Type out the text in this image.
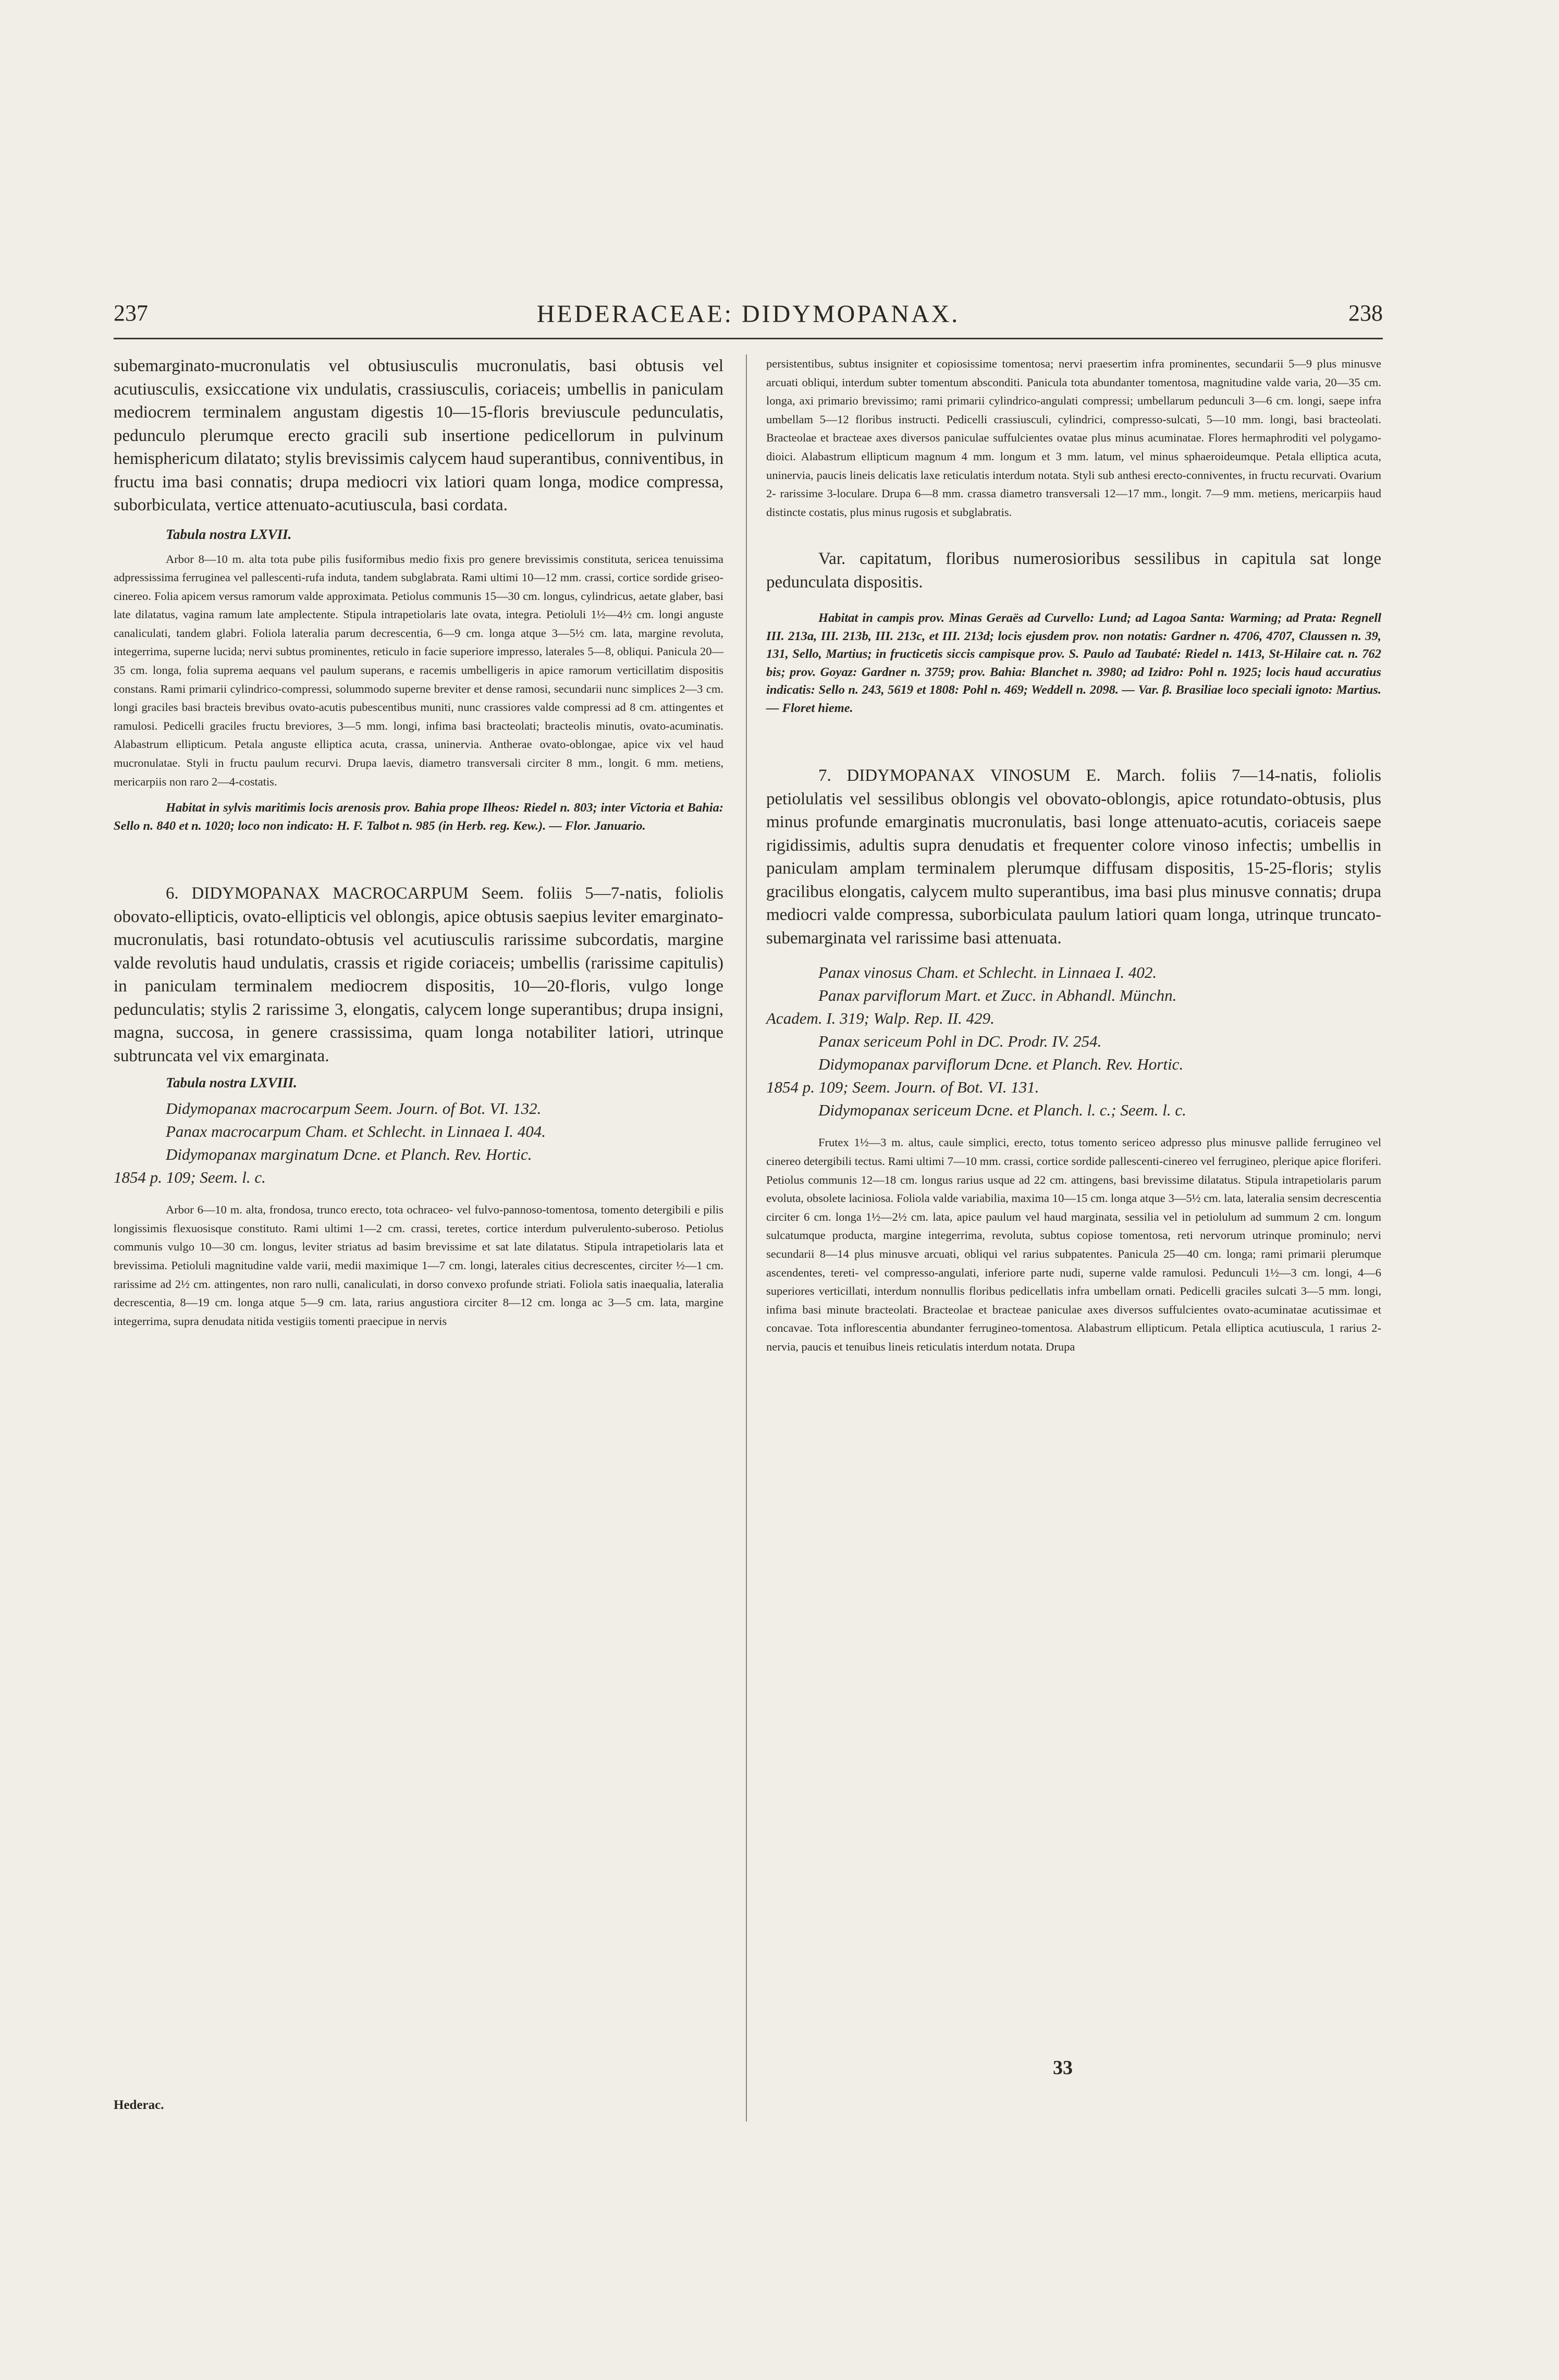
237	HEDERACEAE: DIDYMOPANAX.	238

subemarginato-mucronulatis vel obtusiusculis mucronulatis, basi obtusis vel acutiusculis, exsiccatione vix undulatis, crassiusculis, coriaceis; umbellis in paniculam mediocrem terminalem angustam digestis 10—15-floris breviuscule pedunculatis, pedunculo plerumque erecto gracili sub insertione pedicellorum in pulvinum hemisphericum dilatato; stylis brevissimis calycem haud superantibus, conniventibus, in fructu ima basi connatis; drupa mediocri vix latiori quam longa, modice compressa, suborbiculata, vertice attenuato-acutiuscula, basi cordata.

Tabula nostra LXVII.

Arbor 8—10 m. alta tota pube pilis fusiformibus medio fixis pro genere brevissimis constituta, sericea tenuissima adpressissima ferruginea vel pallescenti-rufa induta, tandem subglabrata. Rami ultimi 10—12 mm. crassi, cortice sordide griseo-cinereo. Folia apicem versus ramorum valde approximata. Petiolus communis 15—30 cm. longus, cylindricus, aetate glaber, basi late dilatatus, vagina ramum late amplectente. Stipula intrapetiolaris late ovata, integra. Petioluli 1½—4½ cm. longi anguste canaliculati, tandem glabri. Foliola lateralia parum decrescentia, 6—9 cm. longa atque 3—5½ cm. lata, margine revoluta, integerrima, superne lucida; nervi subtus prominentes, reticulo in facie superiore impresso, laterales 5—8, obliqui. Panicula 20—35 cm. longa, folia suprema aequans vel paulum superans, e racemis umbelligeris in apice ramorum verticillatim dispositis constans. Rami primarii cylindrico-compressi, solummodo superne breviter et dense ramosi, secundarii nunc simplices 2—3 cm. longi graciles basi bracteis brevibus ovato-acutis pubescentibus muniti, nunc crassiores valde compressi ad 8 cm. attingentes et ramulosi. Pedicelli graciles fructu breviores, 3—5 mm. longi, infima basi bracteolati; bracteolis minutis, ovato-acuminatis. Alabastrum ellipticum. Petala anguste elliptica acuta, crassa, uninervia. Antherae ovato-oblongae, apice vix vel haud mucronulatae. Styli in fructu paulum recurvi. Drupa laevis, diametro transversali circiter 8 mm., longit. 6 mm. metiens, mericarpiis non raro 2—4-costatis.

Habitat in sylvis maritimis locis arenosis prov. Bahia prope Ilheos: Riedel n. 803; inter Victoria et Bahia: Sello n. 840 et n. 1020; loco non indicato: H. F. Talbot n. 985 (in Herb. reg. Kew.). — Flor. Januario.

6. DIDYMOPANAX MACROCARPUM Seem. foliis 5—7-natis, foliolis obovato-ellipticis, ovato-ellipticis vel oblongis, apice obtusis saepius leviter emarginato-mucronulatis, basi rotundato-obtusis vel acutiusculis rarissime subcordatis, margine valde revolutis haud undulatis, crassis et rigide coriaceis; umbellis (rarissime capitulis) in paniculam terminalem mediocrem dispositis, 10—20-floris, vulgo longe pedunculatis; stylis 2 rarissime 3, elongatis, calycem longe superantibus; drupa insigni, magna, succosa, in genere crassissima, quam longa notabiliter latiori, utrinque subtruncata vel vix emarginata.

Tabula nostra LXVIII.

Didymopanax macrocarpum Seem. Journ. of Bot. VI. 132.

Panax macrocarpum Cham. et Schlecht. in Linnaea I. 404.

Didymopanax marginatum Dcne. et Planch. Rev. Hortic.

1854 p. 109; Seem. l. c.

Arbor 6—10 m. alta, frondosa, trunco erecto, tota ochraceo- vel fulvo-pannoso-tomentosa, tomento detergibili e pilis longissimis flexuosisque constituto. Rami ultimi 1—2 cm. crassi, teretes, cortice interdum pulverulento-suberoso. Petiolus communis vulgo 10—30 cm. longus, leviter striatus ad basim brevissime et sat late dilatatus. Stipula intrapetiolaris lata et brevissima. Petioluli magnitudine valde varii, medii maximique 1—7 cm. longi, laterales citius decrescentes, circiter ½—1 cm. rarissime ad 2½ cm. attingentes, non raro nulli, canaliculati, in dorso convexo profunde striati. Foliola satis inaequalia, lateralia decrescentia, 8—19 cm. longa atque 5—9 cm. lata, rarius angustiora circiter 8—12 cm. longa ac 3—5 cm. lata, margine integerrima, supra denudata nitida vestigiis tomenti praecipue in nervis

persistentibus, subtus insigniter et copiosissime tomentosa; nervi praesertim infra prominentes, secundarii 5—9 plus minusve arcuati obliqui, interdum subter tomentum absconditi. Panicula tota abundanter tomentosa, magnitudine valde varia, 20—35 cm. longa, axi primario brevissimo; rami primarii cylindrico-angulati compressi; umbellarum pedunculi 3—6 cm. longi, saepe infra umbellam 5—12 floribus instructi. Pedicelli crassiusculi, cylindrici, compresso-sulcati, 5—10 mm. longi, basi bracteolati. Bracteolae et bracteae axes diversos paniculae suffulcientes ovatae plus minus acuminatae. Flores hermaphroditi vel polygamo-dioici. Alabastrum ellipticum magnum 4 mm. longum et 3 mm. latum, vel minus sphaeroideumque. Petala elliptica acuta, uninervia, paucis lineis delicatis laxe reticulatis interdum notata. Styli sub anthesi erecto-conniventes, in fructu recurvati. Ovarium 2- rarissime 3-loculare. Drupa 6—8 mm. crassa diametro transversali 12—17 mm., longit. 7—9 mm. metiens, mericarpiis haud distincte costatis, plus minus rugosis et subglabratis.

Var. capitatum, floribus numerosioribus sessilibus in capitula sat longe pedunculata dispositis.

Habitat in campis prov. Minas Geraës ad Curvello: Lund; ad Lagoa Santa: Warming; ad Prata: Regnell III. 213a, III. 213b, III. 213c, et III. 213d; locis ejusdem prov. non notatis: Gardner n. 4706, 4707, Claussen n. 39, 131, Sello, Martius; in fructicetis siccis campisque prov. S. Paulo ad Taubaté: Riedel n. 1413, St-Hilaire cat. n. 762 bis; prov. Goyaz: Gardner n. 3759; prov. Bahia: Blanchet n. 3980; ad Izidro: Pohl n. 1925; locis haud accuratius indicatis: Sello n. 243, 5619 et 1808: Pohl n. 469; Weddell n. 2098. — Var. β. Brasiliae loco speciali ignoto: Martius. — Floret hieme.

7. DIDYMOPANAX VINOSUM E. March. foliis 7—14-natis, foliolis petiolulatis vel sessilibus oblongis vel obovato-oblongis, apice rotundato-obtusis, plus minus profunde emarginatis mucronulatis, basi longe attenuato-acutis, coriaceis saepe rigidissimis, adultis supra denudatis et frequenter colore vinoso infectis; umbellis in paniculam amplam terminalem plerumque diffusam dispositis, 15-25-floris; stylis gracilibus elongatis, calycem multo superantibus, ima basi plus minusve connatis; drupa mediocri valde compressa, suborbiculata paulum latiori quam longa, utrinque truncato-subemarginata vel rarissime basi attenuata.

Panax vinosus Cham. et Schlecht. in Linnaea I. 402.

Panax parviflorum Mart. et Zucc. in Abhandl. Münchn.

Academ. I. 319; Walp. Rep. II. 429.

Panax sericeum Pohl in DC. Prodr. IV. 254.

Didymopanax parviflorum Dcne. et Planch. Rev. Hortic.

1854 p. 109; Seem. Journ. of Bot. VI. 131.

Didymopanax sericeum Dcne. et Planch. l. c.; Seem. l. c.

Frutex 1½—3 m. altus, caule simplici, erecto, totus tomento sericeo adpresso plus minusve pallide ferrugineo vel cinereo detergibili tectus. Rami ultimi 7—10 mm. crassi, cortice sordide pallescenti-cinereo vel ferrugineo, plerique apice floriferi. Petiolus communis 12—18 cm. longus rarius usque ad 22 cm. attingens, basi brevissime dilatatus. Stipula intrapetiolaris parum evoluta, obsolete laciniosa. Foliola valde variabilia, maxima 10—15 cm. longa atque 3—5½ cm. lata, lateralia sensim decrescentia circiter 6 cm. longa 1½—2½ cm. lata, apice paulum vel haud marginata, sessilia vel in petiolulum ad summum 2 cm. longum sulcatumque producta, margine integerrima, revoluta, subtus copiose tomentosa, reti nervorum utrinque prominulo; nervi secundarii 8—14 plus minusve arcuati, obliqui vel rarius subpatentes. Panicula 25—40 cm. longa; rami primarii plerumque ascendentes, tereti- vel compresso-angulati, inferiore parte nudi, superne valde ramulosi. Pedunculi 1½—3 cm. longi, 4—6 superiores verticillati, interdum nonnullis floribus pedicellatis infra umbellam ornati. Pedicelli graciles sulcati 3—5 mm. longi, infima basi minute bracteolati. Bracteolae et bracteae paniculae axes diversos suffulcientes ovato-acuminatae acutissimae et concavae. Tota inflorescentia abundanter ferrugineo-tomentosa. Alabastrum ellipticum. Petala elliptica acutiuscula, 1 rarius 2-nervia, paucis et tenuibus lineis reticulatis interdum notata. Drupa

Hederac.
33
